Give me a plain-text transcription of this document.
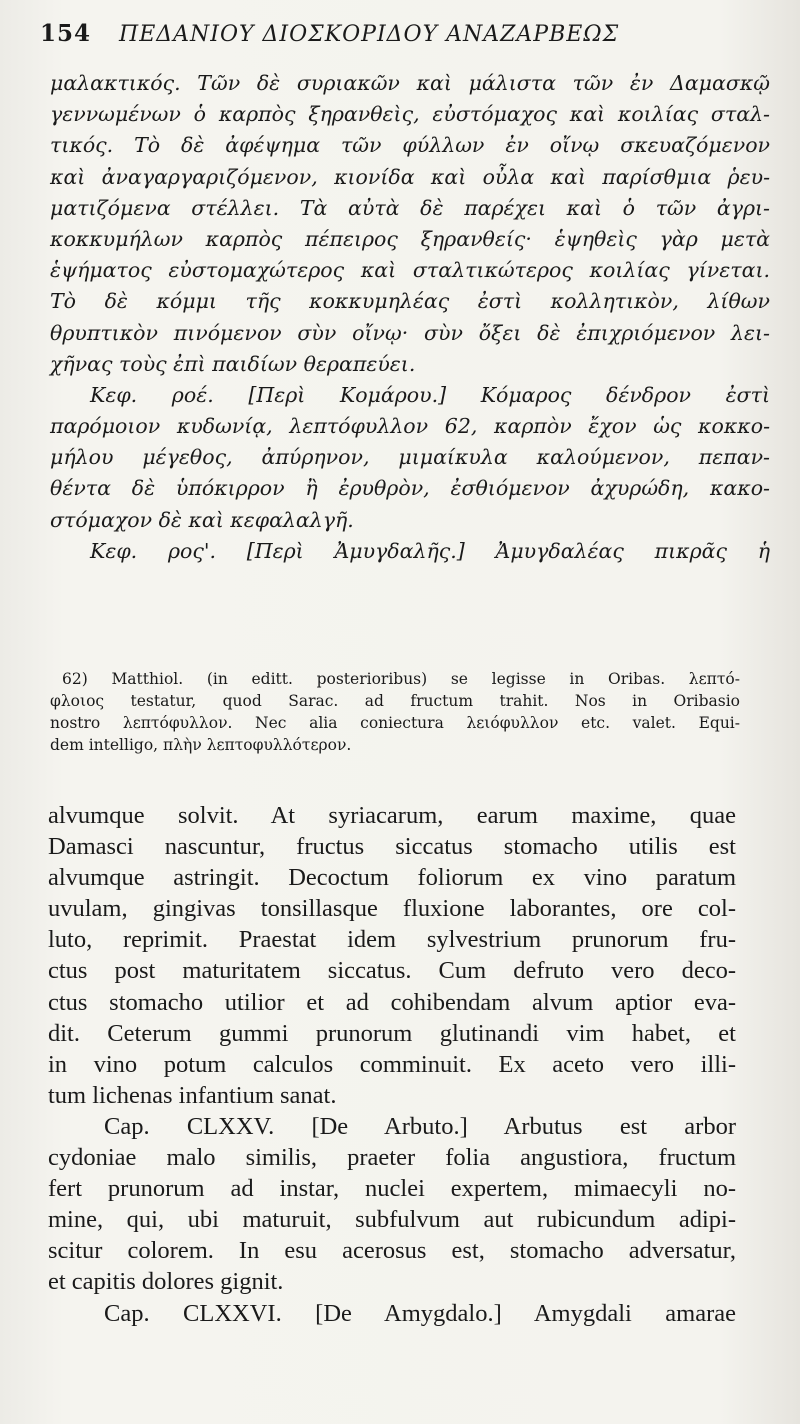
154 ΠΕΔΑΝΙΟΥ ΔΙΟΣΚΟΡΙΔΟΥ ΑΝΑΖΑΡΒΕΩΣ
μαλακτικός. Τῶν δὲ συριακῶν καὶ μάλιστα τῶν ἐν Δαμασκῷ
γεννωμένων ὁ καρπὸς ξηρανθεὶς, εὐστόμαχος καὶ κοιλίας σταλ-
τικός. Τὸ δὲ ἀφέψημα τῶν φύλλων ἐν οἴνῳ σκευαζόμενον
καὶ ἀναγαργαριζόμενον, κιονίδα καὶ οὖλα καὶ παρίσθμια ῥευ-
ματιζόμενα στέλλει. Τὰ αὐτὰ δὲ παρέχει καὶ ὁ τῶν ἀγρι-
κοκκυμήλων καρπὸς πέπειρος ξηρανθείς· ἑψηθεὶς γὰρ μετὰ
ἑψήματος εὐστομαχώτερος καὶ σταλτικώτερος κοιλίας γίνεται.
Τὸ δὲ κόμμι τῆς κοκκυμηλέας ἐστὶ κολλητικὸν, λίθων
θρυπτικὸν πινόμενον σὺν οἴνῳ· σὺν ὄξει δὲ ἐπιχριόμενον λει-
χῆνας τοὺς ἐπὶ παιδίων θεραπεύει.
Κεφ. ροέ. [Περὶ Κομάρου.] Κόμαρος δένδρον ἐστὶ
παρόμοιον κυδωνίᾳ, λεπτόφυλλον 62, καρπὸν ἔχον ὡς κοκκο-
μήλου μέγεθος, ἀπύρηνον, μιμαίκυλα καλούμενον, πεπαν-
θέντα δὲ ὑπόκιρρον ἢ ἐρυθρὸν, ἐσθιόμενον ἀχυρώδη, κακο-
στόμαχον δὲ καὶ κεφαλαλγῆ.
Κεφ. ρος'. [Περὶ Ἀμυγδαλῆς.] Ἀμυγδαλέας πικρᾶς ἡ
62) Matthiol. (in editt. posterioribus) se legisse in Oribas. λεπτό-
φλοιος testatur, quod Sarac. ad fructum trahit. Nos in Oribasio
nostro λεπτόφυλλον. Nec alia coniectura λειόφυλλον etc. valet. Equi-
dem intelligo, πλὴν λεπτοφυλλότερον.
alvumque solvit. At syriacarum, earum maxime, quae
Damasci nascuntur, fructus siccatus stomacho utilis est
alvumque astringit. Decoctum foliorum ex vino paratum
uvulam, gingivas tonsillasque fluxione laborantes, ore col-
luto, reprimit. Praestat idem sylvestrium prunorum fru-
ctus post maturitatem siccatus. Cum defruto vero deco-
ctus stomacho utilior et ad cohibendam alvum aptior eva-
dit. Ceterum gummi prunorum glutinandi vim habet, et
in vino potum calculos comminuit. Ex aceto vero illi-
tum lichenas infantium sanat.
Cap. CLXXV. [De Arbuto.] Arbutus est arbor
cydoniae malo similis, praeter folia angustiora, fructum
fert prunorum ad instar, nuclei expertem, mimaecyli no-
mine, qui, ubi maturuit, subfulvum aut rubicundum adipi-
scitur colorem. In esu acerosus est, stomacho adversatur,
et capitis dolores gignit.
Cap. CLXXVI. [De Amygdalo.] Amygdali amarae
